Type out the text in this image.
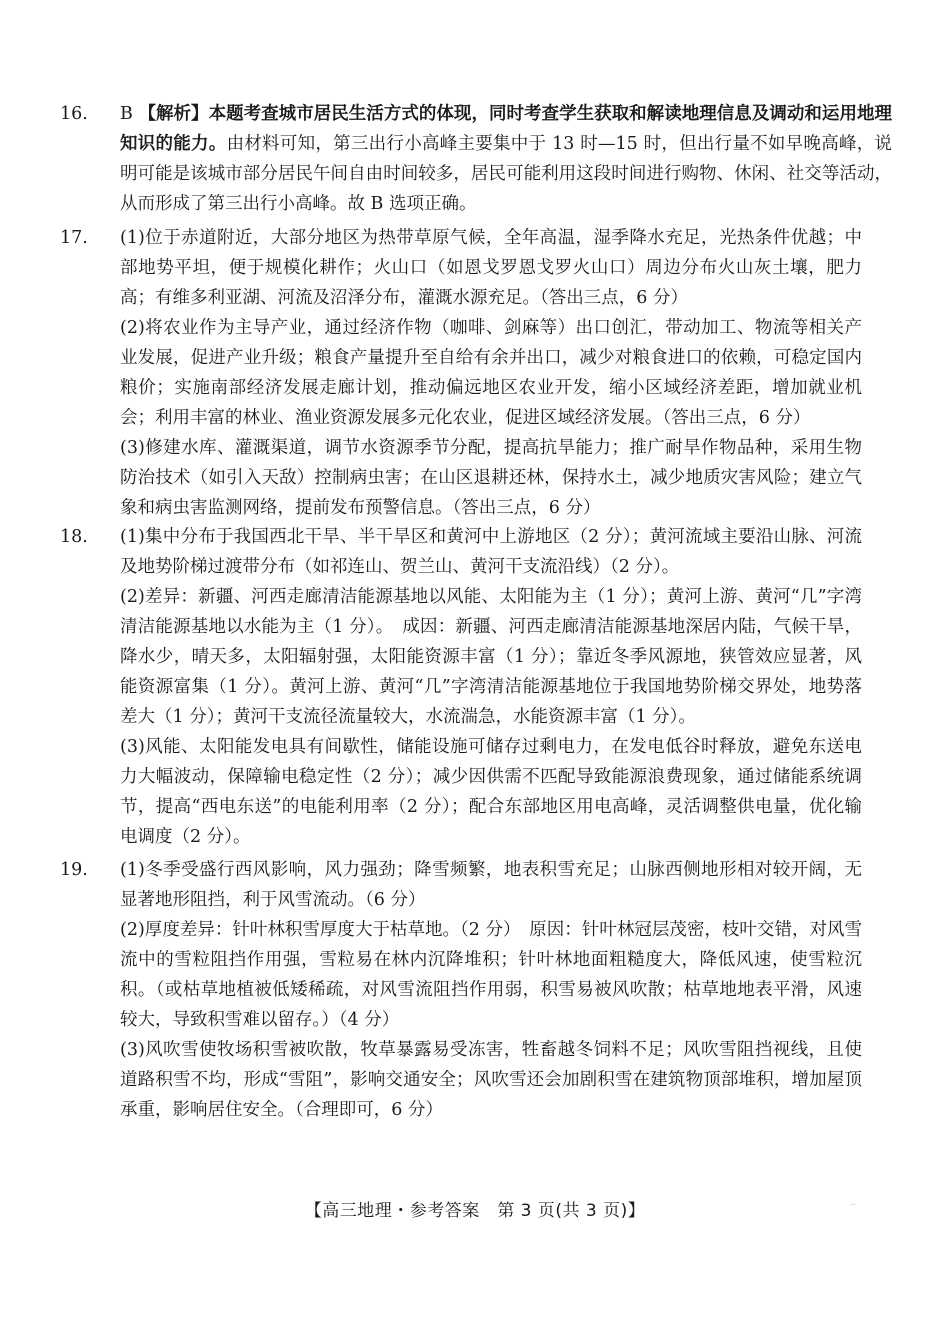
16. B 【解析】本题考查城市居民生活方式的体现，同时考查学生获取和解读地理信息及调动和运用地理知识的能力。由材料可知，第三出行小高峰主要集中于 13 时—15 时，但出行量不如早晚高峰，说明可能是该城市部分居民午间自由时间较多，居民可能利用这段时间进行购物、休闲、社交等活动，从而形成了第三出行小高峰。故 B 选项正确。
17. (1)位于赤道附近，大部分地区为热带草原气候，全年高温，湿季降水充足，光热条件优越；中部地势平坦，便于规模化耕作；火山口（如恩戈罗恩戈罗火山口）周边分布火山灰土壤，肥力高；有维多利亚湖、河流及沼泽分布，灌溉水源充足。（答出三点，6 分）
(2)将农业作为主导产业，通过经济作物（咖啡、剑麻等）出口创汇，带动加工、物流等相关产业发展，促进产业升级；粮食产量提升至自给有余并出口，减少对粮食进口的依赖，可稳定国内粮价；实施南部经济发展走廊计划，推动偏远地区农业开发，缩小区域经济差距，增加就业机会；利用丰富的林业、渔业资源发展多元化农业，促进区域经济发展。（答出三点，6 分）
(3)修建水库、灌溉渠道，调节水资源季节分配，提高抗旱能力；推广耐旱作物品种，采用生物防治技术（如引入天敌）控制病虫害；在山区退耕还林，保持水土，减少地质灾害风险；建立气象和病虫害监测网络，提前发布预警信息。（答出三点，6 分）
18. (1)集中分布于我国西北干旱、半干旱区和黄河中上游地区（2 分）；黄河流域主要沿山脉、河流及地势阶梯过渡带分布（如祁连山、贺兰山、黄河干支流沿线）（2 分）。
(2)差异：新疆、河西走廊清洁能源基地以风能、太阳能为主（1 分）；黄河上游、黄河“几”字湾清洁能源基地以水能为主（1 分）。　成因：新疆、河西走廊清洁能源基地深居内陆，气候干旱，降水少，晴天多，太阳辐射强，太阳能资源丰富（1 分）；靠近冬季风源地，狭管效应显著，风能资源富集（1 分）。黄河上游、黄河“几”字湾清洁能源基地位于我国地势阶梯交界处，地势落差大（1 分）；黄河干支流径流量较大，水流湍急，水能资源丰富（1 分）。
(3)风能、太阳能发电具有间歇性，储能设施可储存过剩电力，在发电低谷时释放，避免东送电力大幅波动，保障输电稳定性（2 分）；减少因供需不匹配导致能源浪费现象，通过储能系统调节，提高“西电东送”的电能利用率（2 分）；配合东部地区用电高峰，灵活调整供电量，优化输电调度（2 分）。
19. (1)冬季受盛行西风影响，风力强劲；降雪频繁，地表积雪充足；山脉西侧地形相对较开阔，无显著地形阻挡，利于风雪流动。（6 分）
(2)厚度差异：针叶林积雪厚度大于枯草地。（2 分）　原因：针叶林冠层茂密，枝叶交错，对风雪流中的雪粒阻挡作用强，雪粒易在林内沉降堆积；针叶林地面粗糙度大，降低风速，使雪粒沉积。（或枯草地植被低矮稀疏，对风雪流阻挡作用弱，积雪易被风吹散；枯草地地表平滑，风速较大，导致积雪难以留存。）（4 分）
(3)风吹雪使牧场积雪被吹散，牧草暴露易受冻害，牲畜越冬饲料不足；风吹雪阻挡视线，且使道路积雪不均，形成“雪阻”，影响交通安全；风吹雪还会加剧积雪在建筑物顶部堆积，增加屋顶承重，影响居住安全。（合理即可，6 分）
【高三地理・参考答案　第 3 页(共 3 页)】	··
